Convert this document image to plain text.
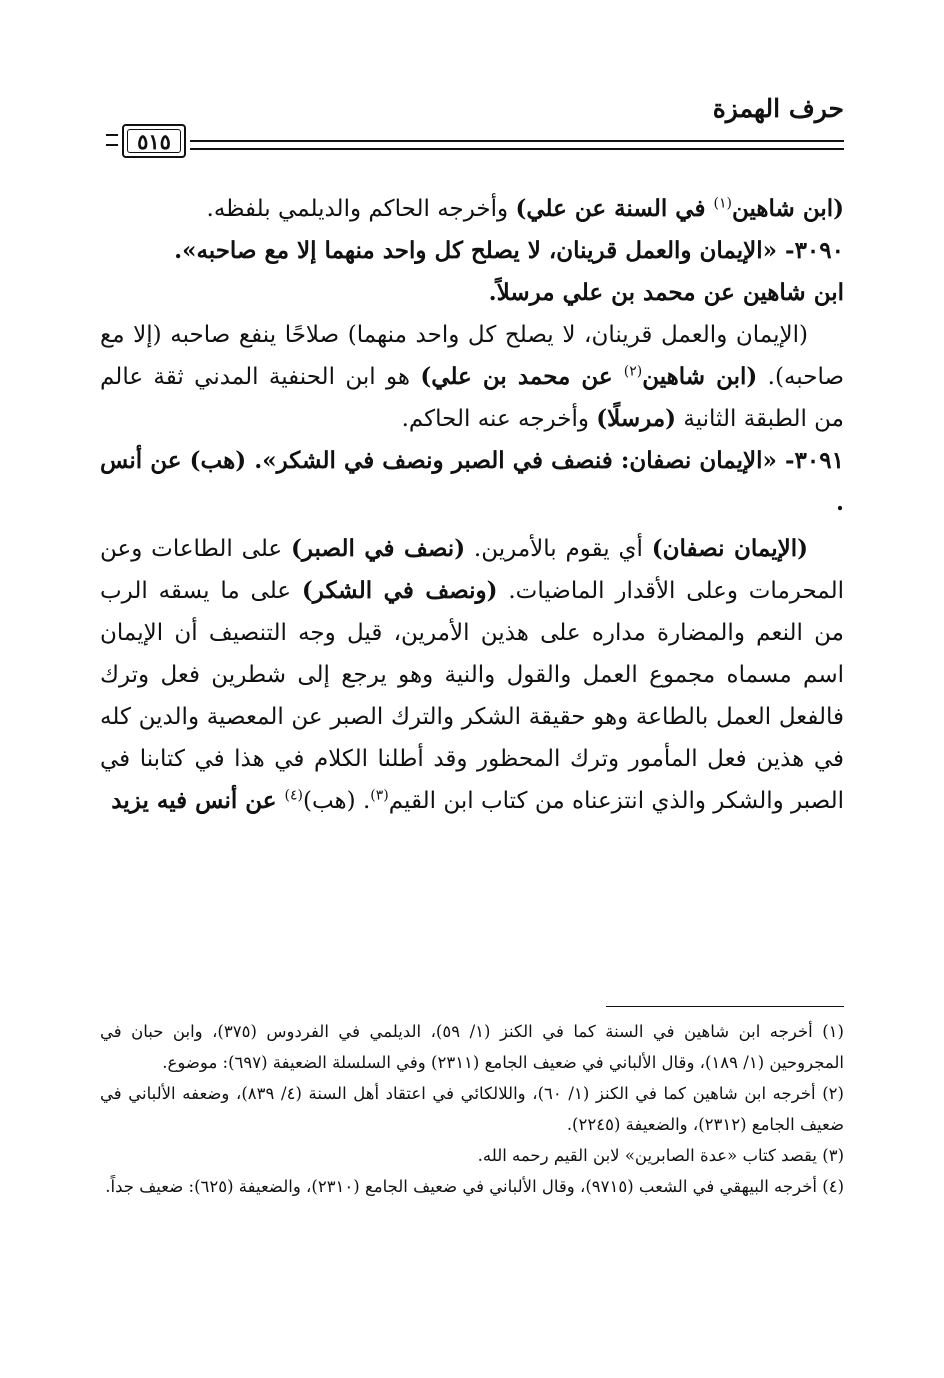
حرف الهمزة
٥١٥

(ابن شاهين$^{(١)}$ في السنة عن علي) وأخرجه الحاكم والديلمي بلفظه.

٣٠٩٠- «الإيمان والعمل قرينان، لا يصلح كل واحد منهما إلا مع صاحبه».

ابن شاهين عن محمد بن علي مرسلاً.

(الإيمان والعمل قرينان، لا يصلح كل واحد منهما) صلاحًا ينفع صاحبه (إلا مع صاحبه). (ابن شاهين$^{(٢)}$ عن محمد بن علي) هو ابن الحنفية المدني ثقة عالم من الطبقة الثانية (مرسلًا) وأخرجه عنه الحاكم.

٣٠٩١- «الإيمان نصفان: فنصف في الصبر ونصف في الشكر». (هب) عن أنس .

(الإيمان نصفان) أي يقوم بالأمرين. (نصف في الصبر) على الطاعات وعن المحرمات وعلى الأقدار الماضيات. (ونصف في الشكر) على ما يسقه الرب من النعم والمضارة مداره على هذين الأمرين، قيل وجه التنصيف أن الإيمان اسم مسماه مجموع العمل والقول والنية وهو يرجع إلى شطرين فعل وترك فالفعل العمل بالطاعة وهو حقيقة الشكر والترك الصبر عن المعصية والدين كله في هذين فعل المأمور وترك المحظور وقد أطلنا الكلام في هذا في كتابنا في الصبر والشكر والذي انتزعناه من كتاب ابن القيم$^{(٣)}$. (هب)$^{(٤)}$ عن أنس فيه يزيد

(١) أخرجه ابن شاهين في السنة كما في الكنز (١/ ٥٩)، الديلمي في الفردوس (٣٧٥)، وابن حبان في المجروحين (١/ ١٨٩)، وقال الألباني في ضعيف الجامع (٢٣١١) وفي السلسلة الضعيفة (٦٩٧): موضوع.

(٢) أخرجه ابن شاهين كما في الكنز (١/ ٦٠)، واللالكائي في اعتقاد أهل السنة (٤/ ٨٣٩)، وضعفه الألباني في ضعيف الجامع (٢٣١٢)، والضعيفة (٢٢٤٥).

(٣) يقصد كتاب «عدة الصابرين» لابن القيم رحمه الله.

(٤) أخرجه البيهقي في الشعب (٩٧١٥)، وقال الألباني في ضعيف الجامع (٢٣١٠)، والضعيفة (٦٢٥): ضعيف جداً.
